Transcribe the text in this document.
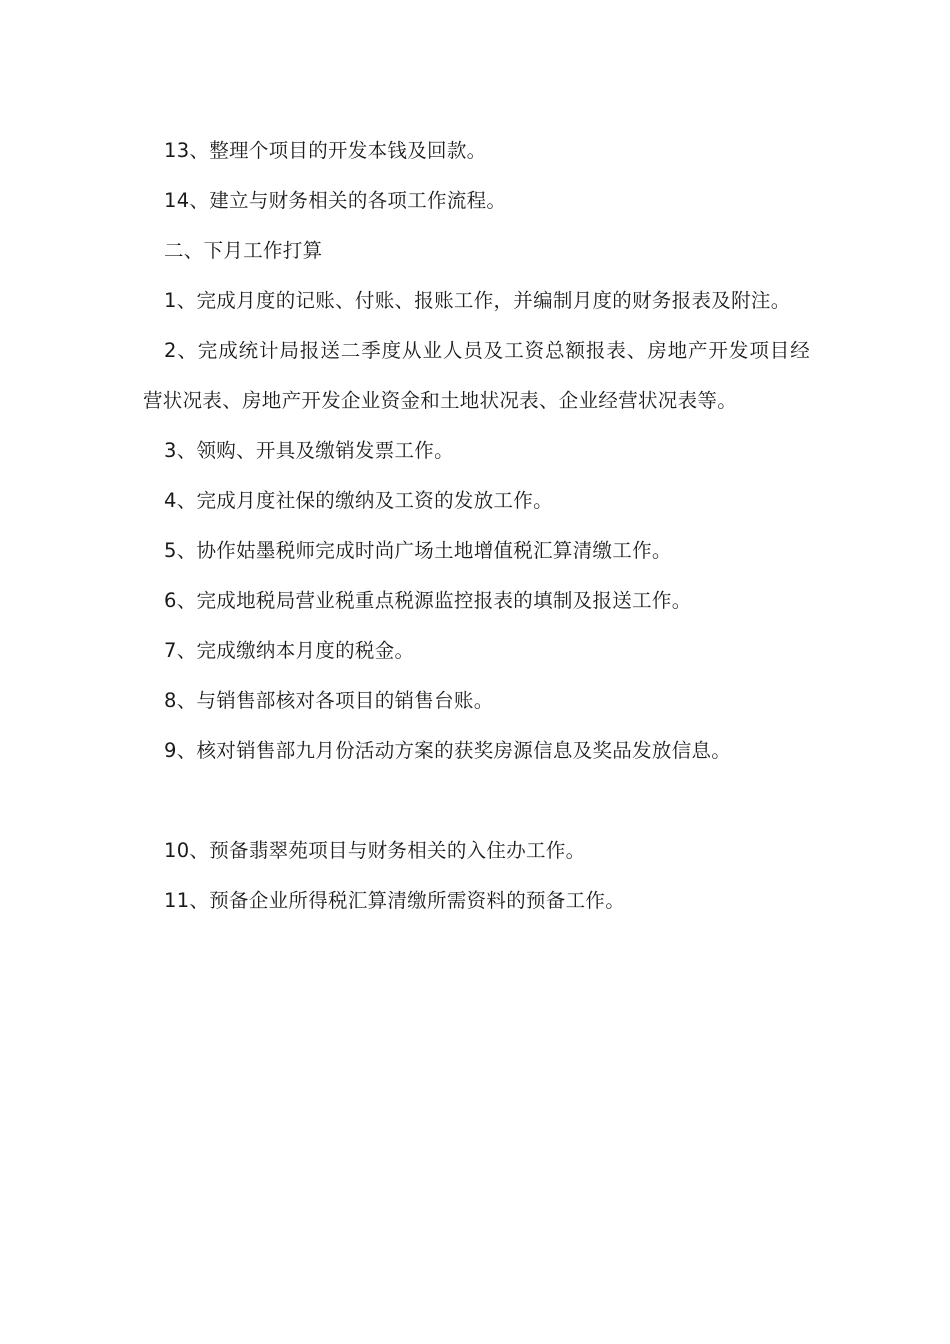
13、整理个项目的开发本钱及回款。

14、建立与财务相关的各项工作流程。

二、下月工作打算

1、完成月度的记账、付账、报账工作，并编制月度的财务报表及附注。

2、完成统计局报送二季度从业人员及工资总额报表、房地产开发项目经营状况表、房地产开发企业资金和土地状况表、企业经营状况表等。

3、领购、开具及缴销发票工作。

4、完成月度社保的缴纳及工资的发放工作。

5、协作姑墨税师完成时尚广场土地增值税汇算清缴工作。

6、完成地税局营业税重点税源监控报表的填制及报送工作。

7、完成缴纳本月度的税金。

8、与销售部核对各项目的销售台账。

9、核对销售部九月份活动方案的获奖房源信息及奖品发放信息。

10、预备翡翠苑项目与财务相关的入住办工作。

11、预备企业所得税汇算清缴所需资料的预备工作。
